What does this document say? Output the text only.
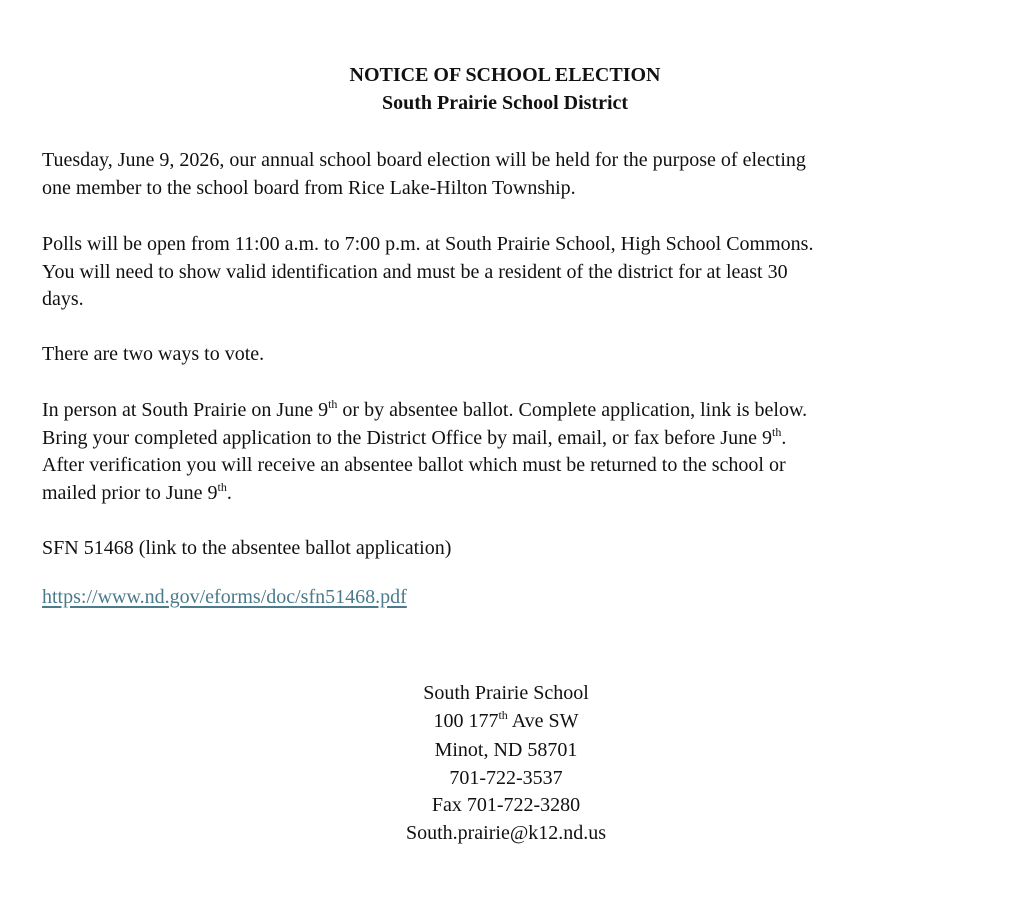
NOTICE OF SCHOOL ELECTION
South Prairie School District
Tuesday, June 9, 2026, our annual school board election will be held for the purpose of electing
one member to the school board from Rice Lake-Hilton Township.
Polls will be open from 11:00 a.m. to 7:00 p.m. at South Prairie School, High School Commons.
You will need to show valid identification and must be a resident of the district for at least 30
days.
There are two ways to vote.
In person at South Prairie on June 9th or by absentee ballot. Complete application, link is below.
Bring your completed application to the District Office by mail, email, or fax before June 9th.
After verification you will receive an absentee ballot which must be returned to the school or
mailed prior to June 9th.
SFN 51468 (link to the absentee ballot application)
https://www.nd.gov/eforms/doc/sfn51468.pdf
South Prairie School
100 177th Ave SW
Minot, ND 58701
701-722-3537
Fax 701-722-3280
South.prairie@k12.nd.us
